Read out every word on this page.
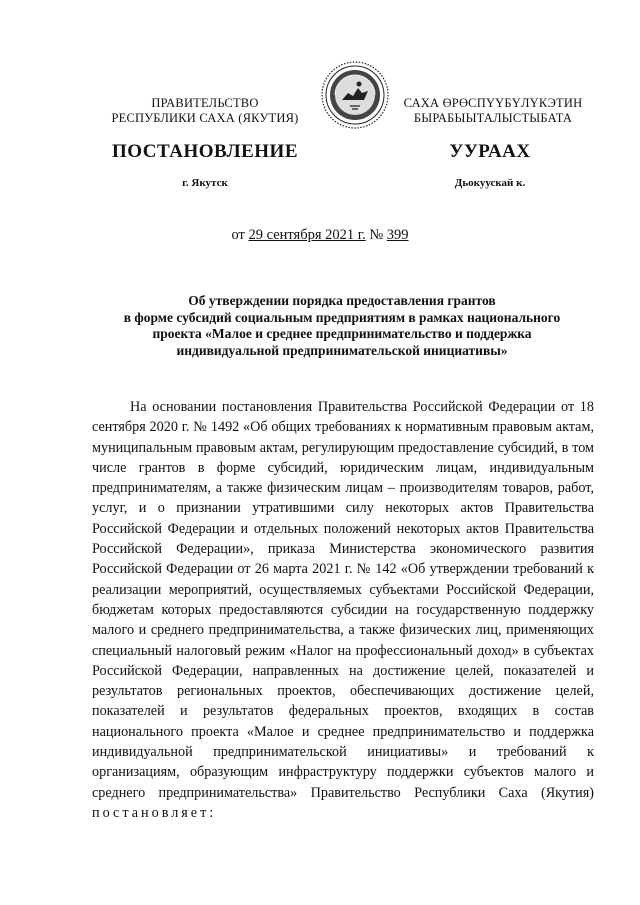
ПРАВИТЕЛЬСТВО
РЕСПУБЛИКИ САХА (ЯКУТИЯ)
САХА ӨРӨСПҮҮБҮЛҮКЭТИН
БЫРАБЫЫТАЛЫСТЫБАТА
ПОСТАНОВЛЕНИЕ	УУРААХ
г. Якутск	Дьокуускай к.
от 29 сентября 2021 г. № 399
Об утверждении порядка предоставления грантов
в форме субсидий социальным предприятиям в рамках национального
проекта «Малое и среднее предпринимательство и поддержка
индивидуальной предпринимательской инициативы»
На основании постановления Правительства Российской Федерации от 18 сентября 2020 г. № 1492 «Об общих требованиях к нормативным правовым актам, муниципальным правовым актам, регулирующим предоставление субсидий, в том числе грантов в форме субсидий, юридическим лицам, индивидуальным предпринимателям, а также физическим лицам – производителям товаров, работ, услуг, и о признании утратившими силу некоторых актов Правительства Российской Федерации и отдельных положений некоторых актов Правительства Российской Федерации», приказа Министерства экономического развития Российской Федерации от 26 марта 2021 г. № 142 «Об утверждении требований к реализации мероприятий, осуществляемых субъектами Российской Федерации, бюджетам которых предоставляются субсидии на государственную поддержку малого и среднего предпринимательства, а также физических лиц, применяющих специальный налоговый режим «Налог на профессиональный доход» в субъектах Российской Федерации, направленных на достижение целей, показателей и результатов региональных проектов, обеспечивающих достижение целей, показателей и результатов федеральных проектов, входящих в состав национального проекта «Малое и среднее предпринимательство и поддержка индивидуальной предпринимательской инициативы» и требований к организациям, образующим инфраструктуру поддержки субъектов малого и среднего предпринимательства» Правительство Республики Саха (Якутия) постановляет:
